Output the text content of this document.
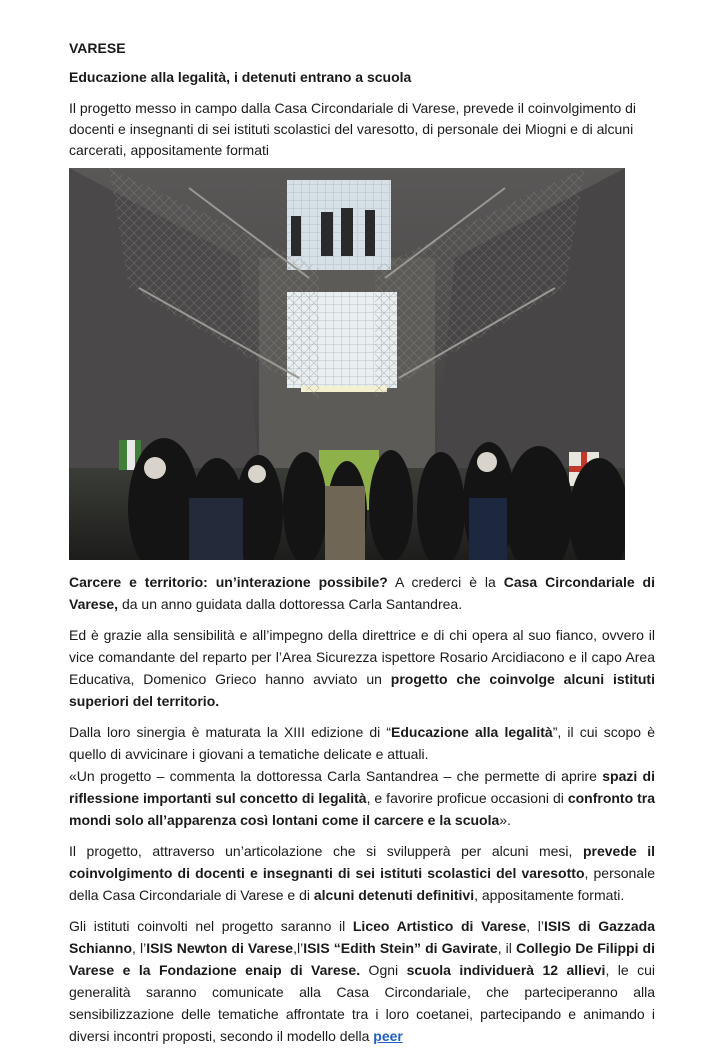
VARESE
Educazione alla legalità, i detenuti entrano a scuola
Il progetto messo in campo dalla Casa Circondariale di Varese, prevede il coinvolgimento di docenti e insegnanti di sei istituti scolastici del varesotto, di personale dei Miogni e di alcuni carcerati, appositamente formati

Carcere e territorio: un’interazione possibile? A crederci è la Casa Circondariale di Varese, da un anno guidata dalla dottoressa Carla Santandrea.

Ed è grazie alla sensibilità e all’impegno della direttrice e di chi opera al suo fianco, ovvero il vice comandante del reparto per l’Area Sicurezza ispettore Rosario Arcidiacono e il capo Area Educativa, Domenico Grieco hanno avviato un progetto che coinvolge alcuni istituti superiori del territorio.

Dalla loro sinergia è maturata la XIII edizione di “Educazione alla legalità”, il cui scopo è quello di avvicinare i giovani a tematiche delicate e attuali.

«Un progetto – commenta la dottoressa Carla Santandrea – che permette di aprire spazi di riflessione importanti sul concetto di legalità, e favorire proficue occasioni di confronto tra mondi solo all’apparenza così lontani come il carcere e la scuola».

Il progetto, attraverso un’articolazione che si svilupperà per alcuni mesi, prevede il coinvolgimento di docenti e insegnanti di sei istituti scolastici del varesotto, personale della Casa Circondariale di Varese e di alcuni detenuti definitivi, appositamente formati.

Gli istituti coinvolti nel progetto saranno il Liceo Artistico di Varese, l’ISIS di Gazzada Schianno, l’ISIS Newton di Varese,l’ISIS “Edith Stein” di Gavirate, il Collegio De Filippi di Varese e la Fondazione enaip di Varese. Ogni scuola individuerà 12 allievi, le cui generalità saranno comunicate alla Casa Circondariale, che parteciperanno alla sensibilizzazione delle tematiche affrontate tra i loro coetanei, partecipando e animando i diversi incontri proposti, secondo il modello della peer
